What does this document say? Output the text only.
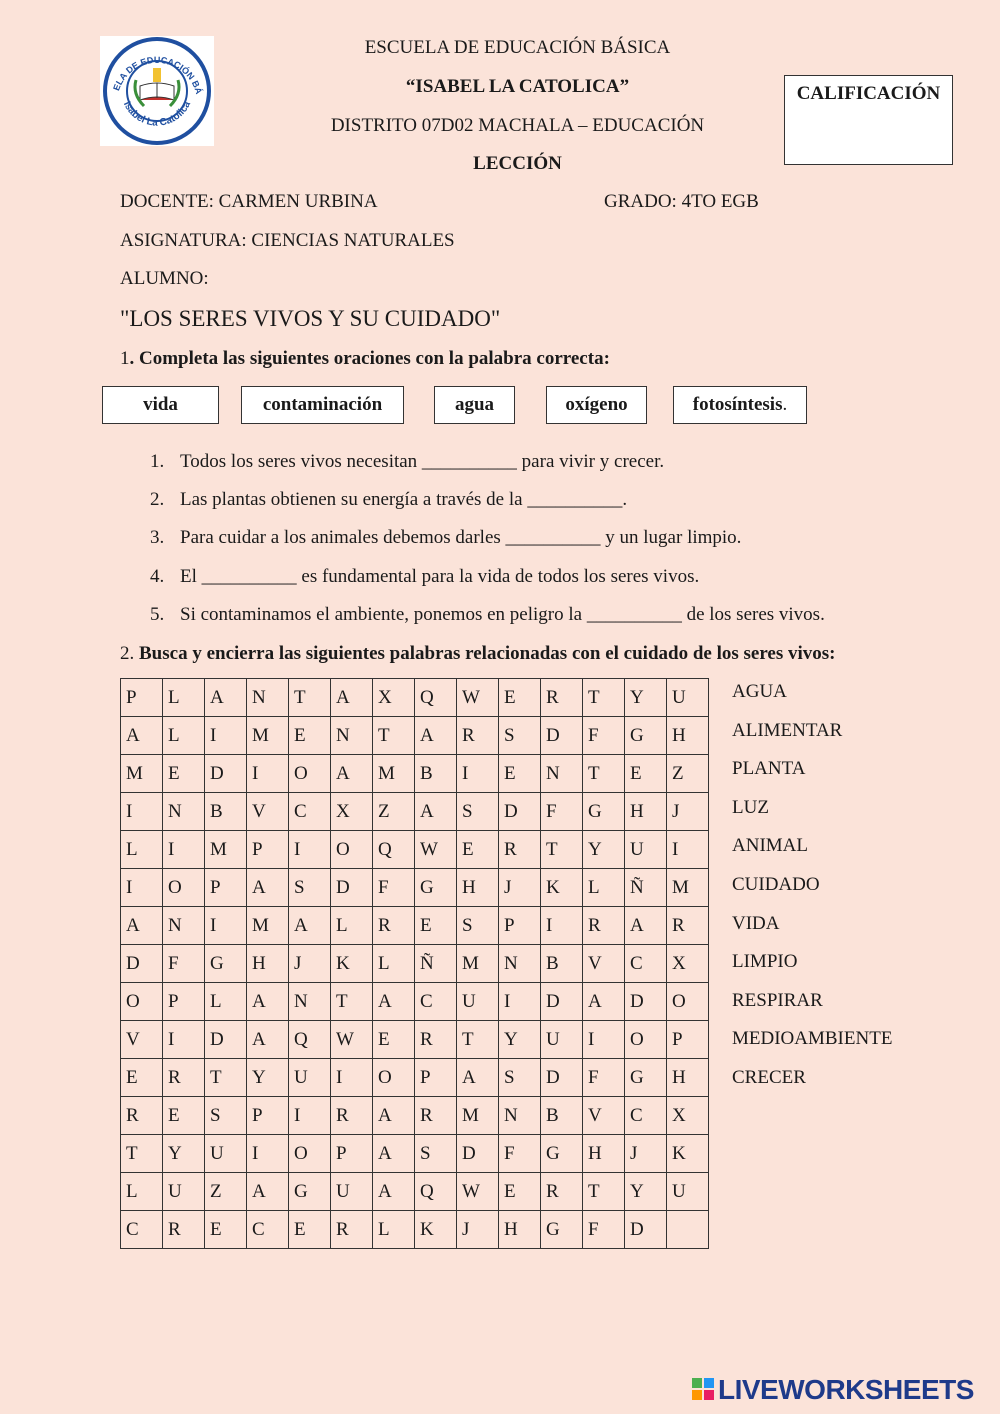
ELA DE EDUCACIÓN BÁ
Isabel La Catolica
ESCUELA DE EDUCACIÓN BÁSICA
“ISABEL LA CATOLICA”
DISTRITO 07D02 MACHALA – EDUCACIÓN
LECCIÓN
CALIFICACIÓN
DOCENTE: CARMEN URBINA	GRADO: 4TO EGB
ASIGNATURA: CIENCIAS NATURALES
ALUMNO:
"LOS SERES VIVOS Y SU CUIDADO"
1. Completa las siguientes oraciones con la palabra correcta:
vida	contaminación	agua	oxígeno	fotosíntesis.
1. Todos los seres vivos necesitan __________ para vivir y crecer.
2. Las plantas obtienen su energía a través de la __________.
3. Para cuidar a los animales debemos darles __________ y un lugar limpio.
4. El __________ es fundamental para la vida de todos los seres vivos.
5. Si contaminamos el ambiente, ponemos en peligro la __________ de los seres vivos.
2. Busca y encierra las siguientes palabras relacionadas con el cuidado de los seres vivos:
P	L	A	N	T	A	X	Q	W	E	R	T	Y	U
A	L	I	M	E	N	T	A	R	S	D	F	G	H
M	E	D	I	O	A	M	B	I	E	N	T	E	Z
I	N	B	V	C	X	Z	A	S	D	F	G	H	J
L	I	M	P	I	O	Q	W	E	R	T	Y	U	I
I	O	P	A	S	D	F	G	H	J	K	L	Ñ	M
A	N	I	M	A	L	R	E	S	P	I	R	A	R
D	F	G	H	J	K	L	Ñ	M	N	B	V	C	X
O	P	L	A	N	T	A	C	U	I	D	A	D	O
V	I	D	A	Q	W	E	R	T	Y	U	I	O	P
E	R	T	Y	U	I	O	P	A	S	D	F	G	H
R	E	S	P	I	R	A	R	M	N	B	V	C	X
T	Y	U	I	O	P	A	S	D	F	G	H	J	K
L	U	Z	A	G	U	A	Q	W	E	R	T	Y	U
C	R	E	C	E	R	L	K	J	H	G	F	D	
AGUA
ALIMENTAR
PLANTA
LUZ
ANIMAL
CUIDADO
VIDA
LIMPIO
RESPIRAR
MEDIOAMBIENTE
CRECER
LIVEWORKSHEETS
